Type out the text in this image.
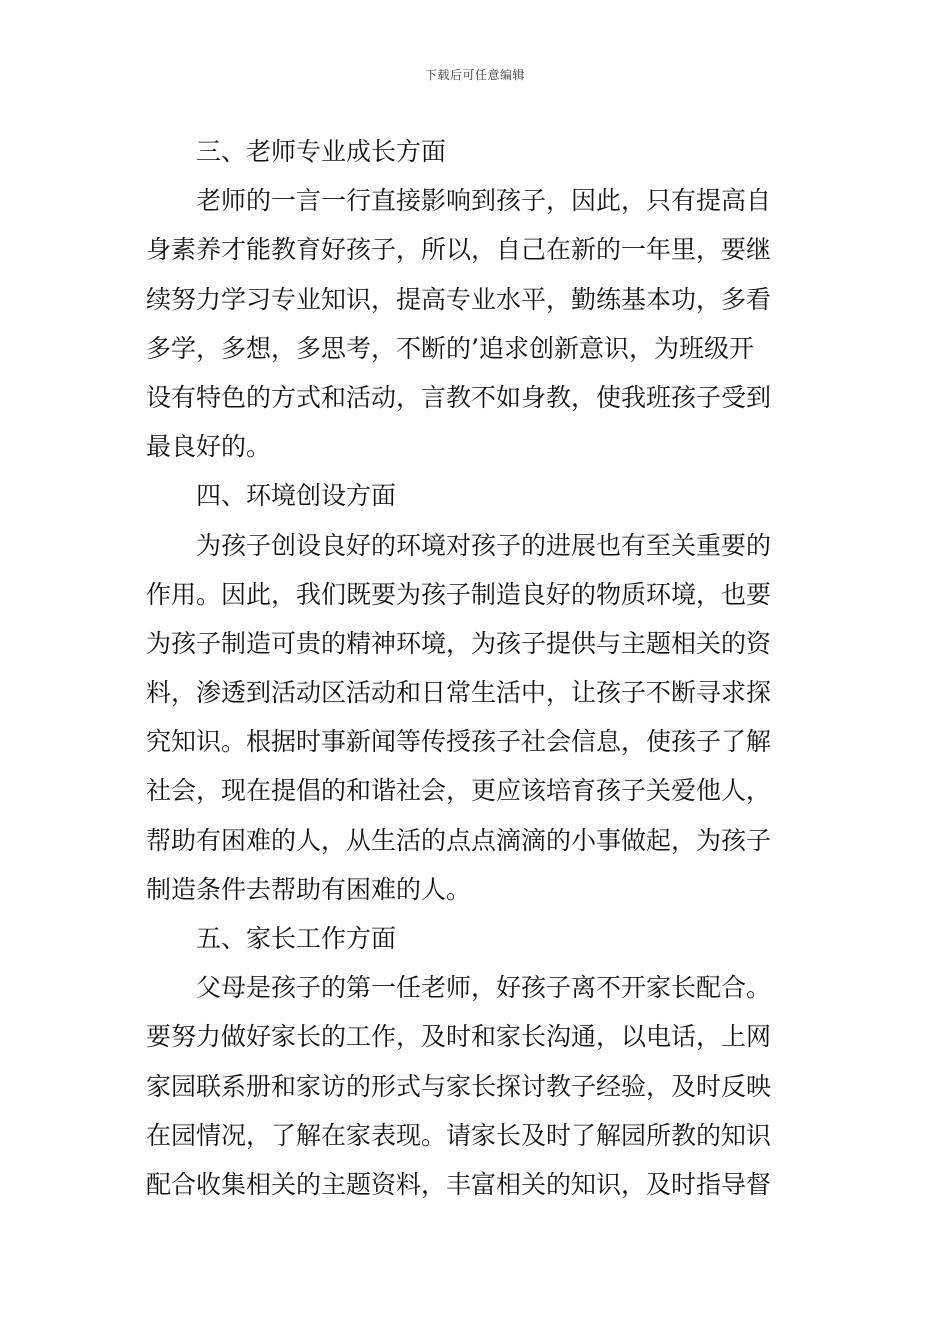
下载后可任意编辑
三、老师专业成长方面
老师的一言一行直接影响到孩子，因此，只有提高自
身素养才能教育好孩子，所以，自己在新的一年里，要继
续努力学习专业知识，提高专业水平，勤练基本功，多看
多学，多想，多思考，不断的’追求创新意识，为班级开
设有特色的方式和活动，言教不如身教，使我班孩子受到
最良好的。
四、环境创设方面
为孩子创设良好的环境对孩子的进展也有至关重要的
作用。因此，我们既要为孩子制造良好的物质环境，也要
为孩子制造可贵的精神环境，为孩子提供与主题相关的资
料，渗透到活动区活动和日常生活中，让孩子不断寻求探
究知识。根据时事新闻等传授孩子社会信息，使孩子了解
社会，现在提倡的和谐社会，更应该培育孩子关爱他人，
帮助有困难的人，从生活的点点滴滴的小事做起，为孩子
制造条件去帮助有困难的人。
五、家长工作方面
父母是孩子的第一任老师，好孩子离不开家长配合。
要努力做好家长的工作，及时和家长沟通，以电话，上网
家园联系册和家访的形式与家长探讨教子经验，及时反映
在园情况，了解在家表现。请家长及时了解园所教的知识
配合收集相关的主题资料，丰富相关的知识，及时指导督
